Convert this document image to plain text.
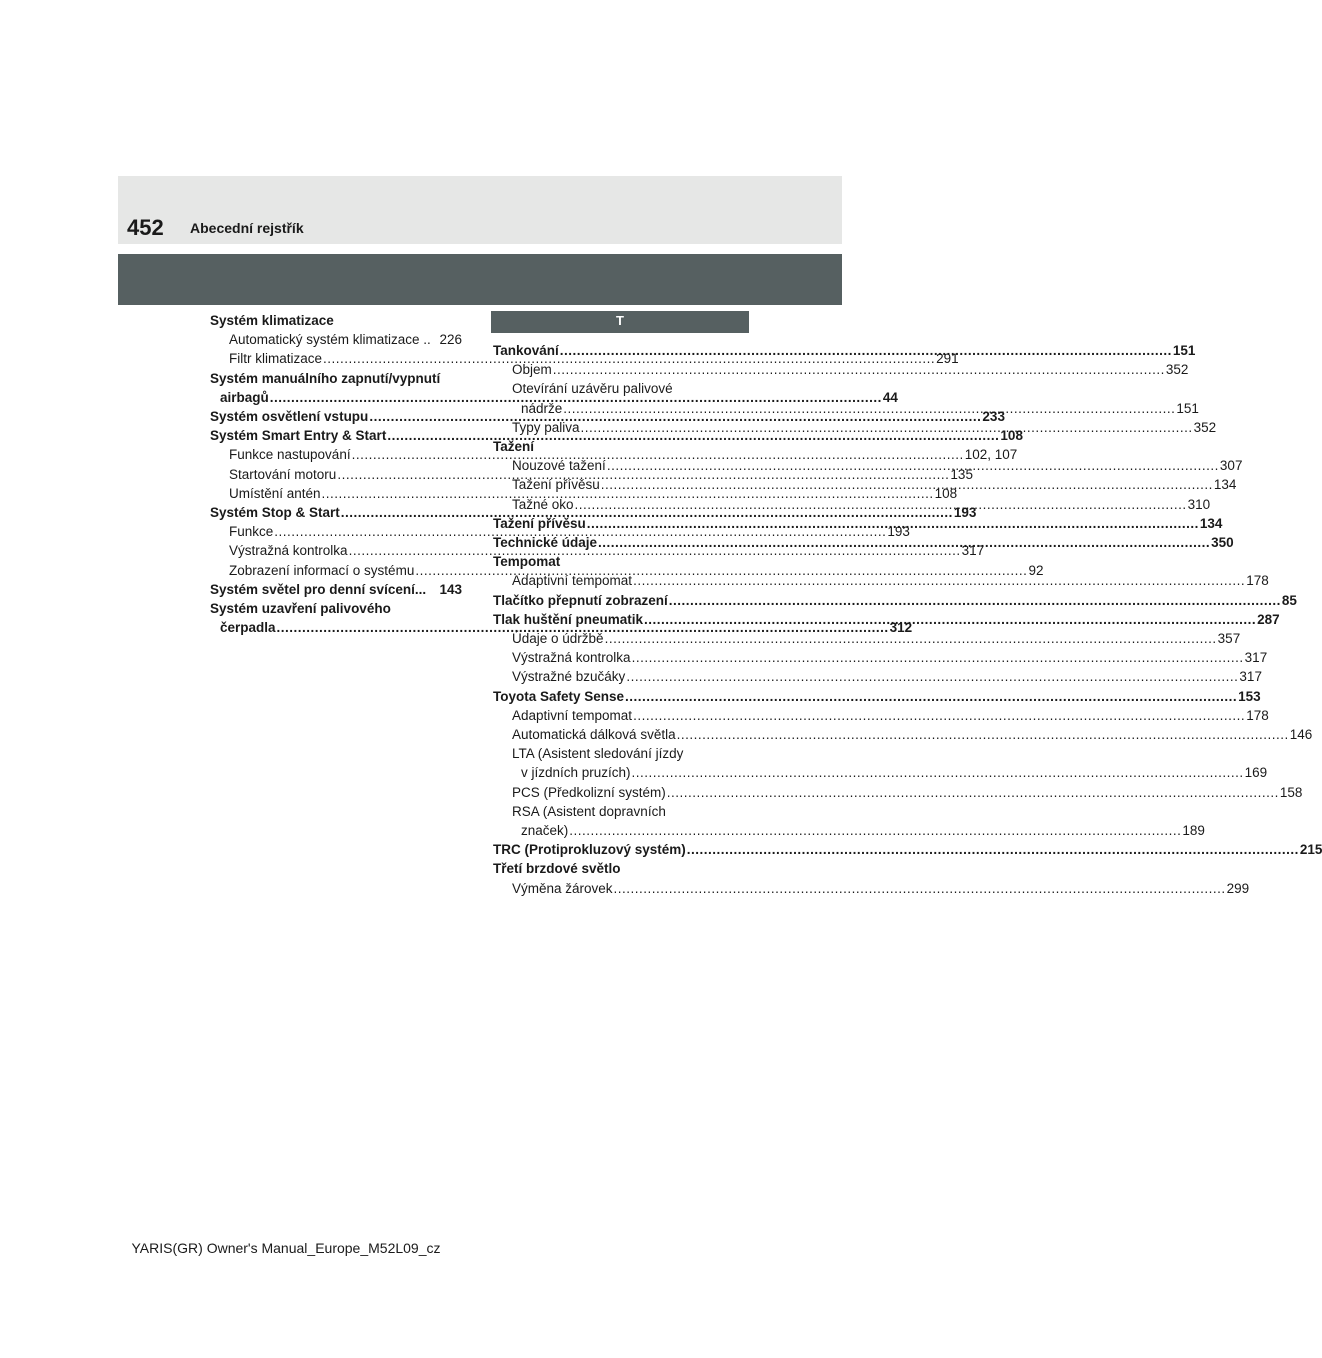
452 Abecední rejstřík
Systém klimatizace
Automatický systém klimatizace .. 226
Filtr klimatizace .....	291
Systém manuálního zapnutí/vypnutí
airbagů .....	44
Systém osvětlení vstupu .....	233
Systém Smart Entry & Start .....	108
Funkce nastupování .....	102, 107
Startování motoru .....	135
Umístění antén .....	108
Systém Stop & Start .....	193
Funkce .....	193
Výstražná kontrolka .....	317
Zobrazení informací o systému .....	92
Systém světel pro denní svícení... 143
Systém uzavření palivového
čerpadla .....	312
T
Tankování .....	151
Objem .....	352
Otevírání uzávěru palivové
nádrže .....	151
Typy paliva .....	352
Tažení
Nouzové tažení .....	307
Tažení přívěsu .....	134
Tažné oko .....	310
Tažení přívěsu .....	134
Technické údaje .....	350
Tempomat
Adaptivní tempomat .....	178
Tlačítko přepnutí zobrazení .....	85
Tlak huštění pneumatik .....	287
Údaje o údržbě .....	357
Výstražná kontrolka .....	317
Výstražné bzučáky .....	317
Toyota Safety Sense .....	153
Adaptivní tempomat .....	178
Automatická dálková světla .....	146
LTA (Asistent sledování jízdy
v jízdních pruzích) .....	169
PCS (Předkolizní systém) .....	158
RSA (Asistent dopravních
značek) .....	189
TRC (Protiprokluzový systém) .....	215
Třetí brzdové světlo
Výměna žárovek .....	299
YARIS(GR) Owner's Manual_Europe_M52L09_cz
